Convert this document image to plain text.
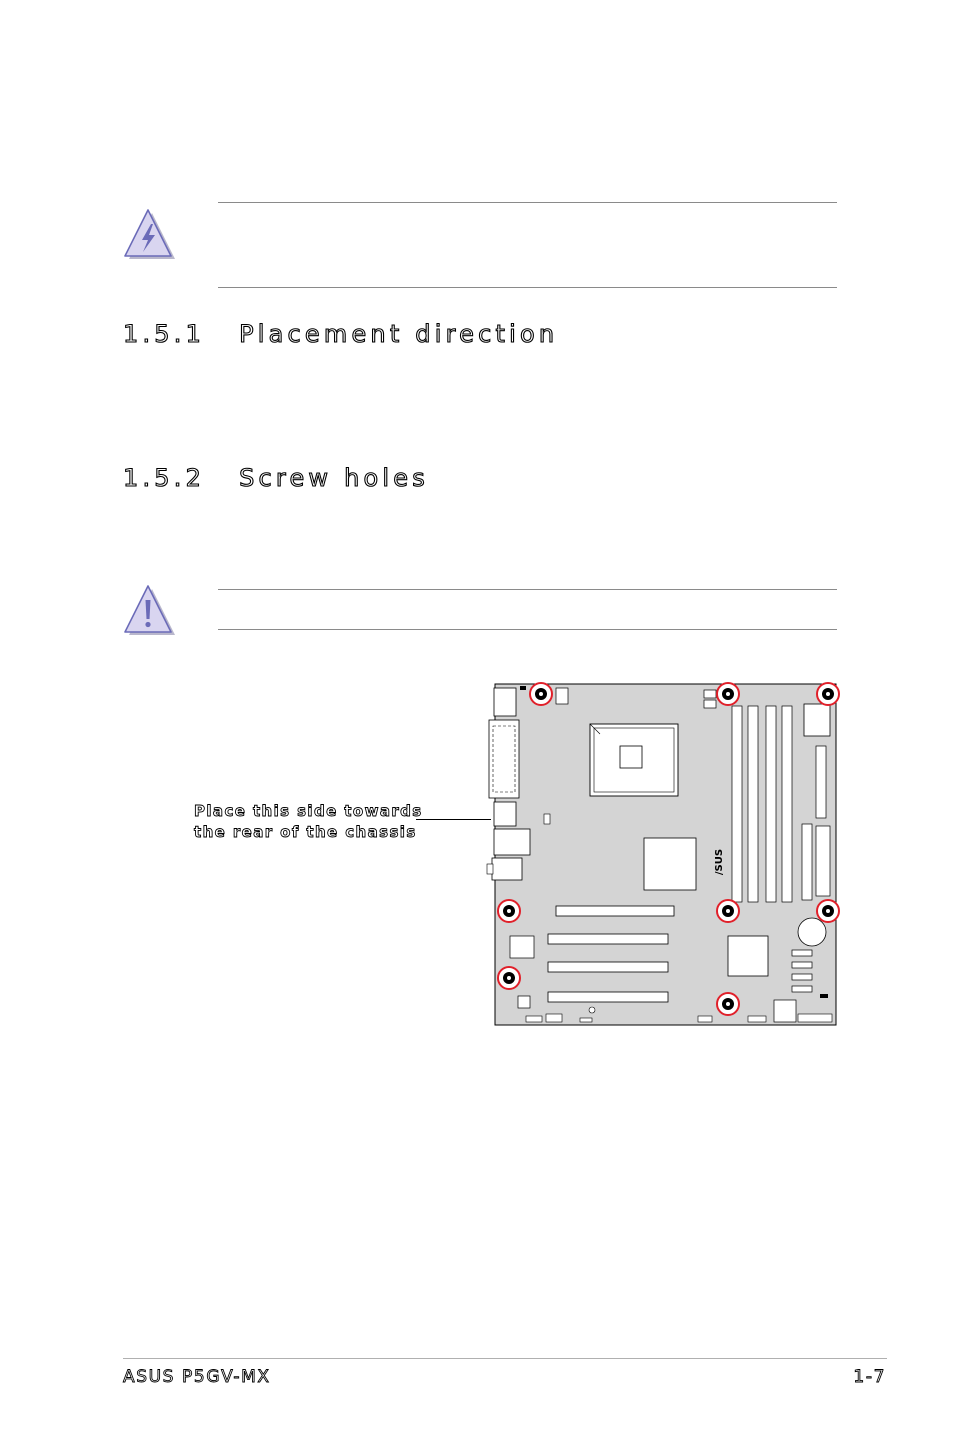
1.5.1 Placement direction
1.5.2 Screw holes
Place this side towards
the rear of the chassis
/SUS
ASUS P5GV-MX	1-7
